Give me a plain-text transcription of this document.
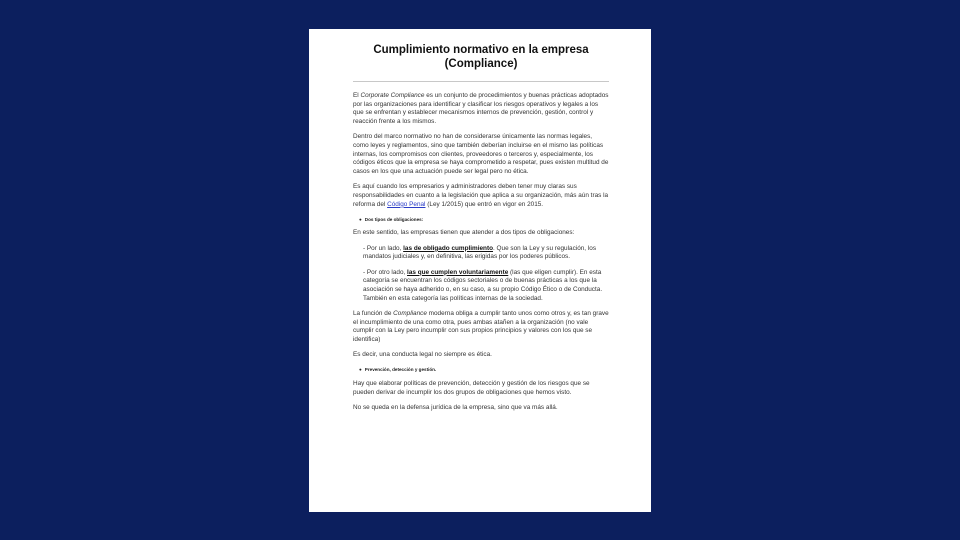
Cumplimiento normativo en la empresa
(Compliance)

El Corporate Compliance es un conjunto de procedimientos y buenas prácticas adoptados por las organizaciones para identificar y clasificar los riesgos operativos y legales a los que se enfrentan y establecer mecanismos internos de prevención, gestión, control y reacción frente a los mismos.

Dentro del marco normativo no han de considerarse únicamente las normas legales, como leyes y reglamentos, sino que también deberían incluirse en el mismo las políticas internas, los compromisos con clientes, proveedores o terceros y, especialmente, los códigos éticos que la empresa se haya comprometido a respetar, pues existen multitud de casos en los que una actuación puede ser legal pero no ética.

Es aquí cuando los empresarios y administradores deben tener muy claras sus responsabilidades en cuanto a la legislación que aplica a su organización, más aún tras la reforma del Código Penal (Ley 1/2015) que entró en vigor en 2015.

● Dos tipos de obligaciones:

En este sentido, las empresas tienen que atender a dos tipos de obligaciones:

- Por un lado, las de obligado cumplimiento. Que son la Ley y su regulación, los mandatos judiciales y, en definitiva, las erigidas por los poderes públicos.

- Por otro lado, las que cumplen voluntariamente (las que eligen cumplir). En esta categoría se encuentran los códigos sectoriales o de buenas prácticas a los que la asociación se haya adherido o, en su caso, a su propio Código Ético o de Conducta. También en esta categoría las políticas internas de la sociedad.

La función de Compliance moderna obliga a cumplir tanto unos como otros y, es tan grave el incumplimiento de una como otra, pues ambas atañen a la organización (no vale cumplir con la Ley pero incumplir con sus propios principios y valores con los que se identifica)

Es decir, una conducta legal no siempre es ética.

● Prevención, detección y gestión.

Hay que elaborar políticas de prevención, detección y gestión de los riesgos que se pueden derivar de incumplir los dos grupos de obligaciones que hemos visto.

No se queda en la defensa jurídica de la empresa, sino que va más allá.
